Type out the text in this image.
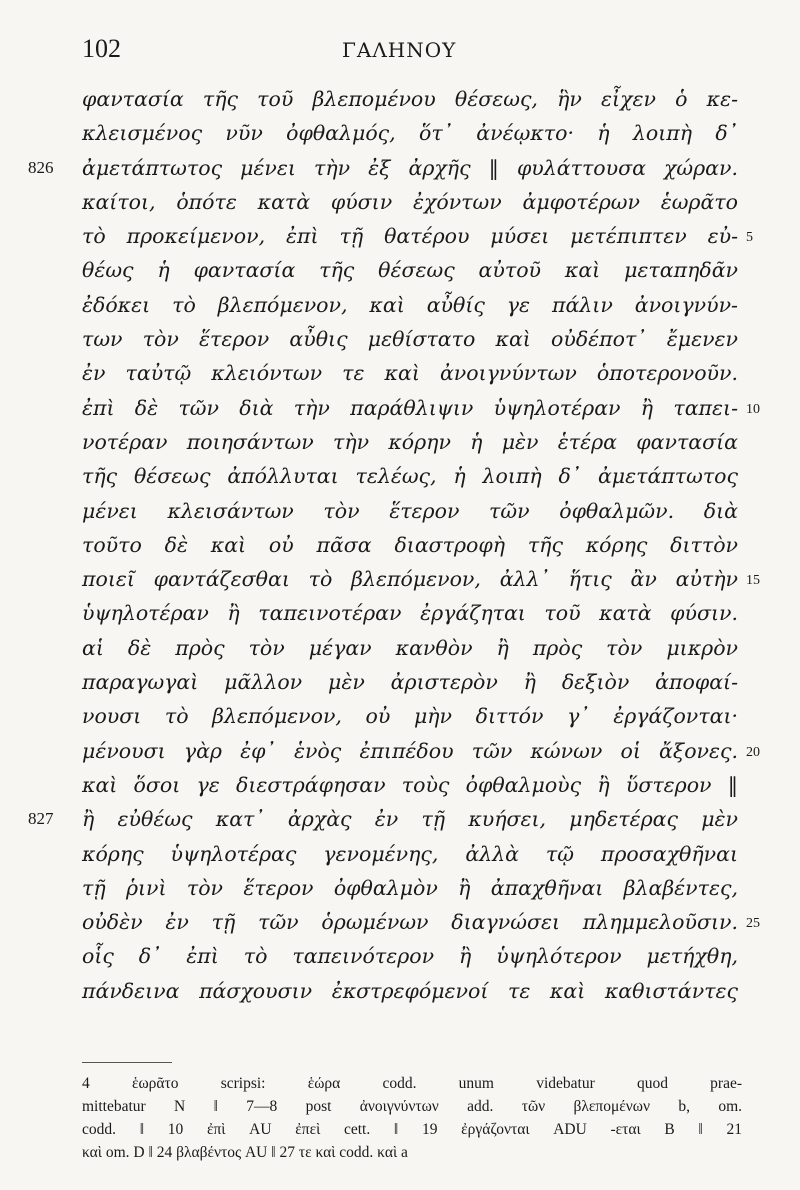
102	ΓΑΛΗΝΟΥ
φαντασία τῆς τοῦ βλεπομένου θέσεως, ἣν εἶχεν ὁ κε-
κλεισμένος νῦν ὀφθαλμός, ὅτ᾽ ἀνέῳκτο· ἡ λοιπὴ δ᾽
826 ἀμετάπτωτος μένει τὴν ἐξ ἀρχῆς ‖ φυλάττουσα χώραν.
καίτοι, ὁπότε κατὰ φύσιν ἐχόντων ἀμφοτέρων ἑωρᾶτο
τὸ προκείμενον, ἐπὶ τῇ θατέρου μύσει μετέπιπτεν εὐ- 5
θέως ἡ φαντασία τῆς θέσεως αὐτοῦ καὶ μεταπηδᾶν
ἐδόκει τὸ βλεπόμενον, καὶ αὖθίς γε πάλιν ἀνοιγνύν-
των τὸν ἕτερον αὖθις μεθίστατο καὶ οὐδέποτ᾽ ἔμενεν
ἐν ταὐτῷ κλειόντων τε καὶ ἀνοιγνύντων ὁποτερονοῦν.
ἐπὶ δὲ τῶν διὰ τὴν παράθλιψιν ὑψηλοτέραν ἢ ταπει- 10
νοτέραν ποιησάντων τὴν κόρην ἡ μὲν ἑτέρα φαντασία
τῆς θέσεως ἀπόλλυται τελέως, ἡ λοιπὴ δ᾽ ἀμετάπτωτος
μένει κλεισάντων τὸν ἕτερον τῶν ὀφθαλμῶν. διὰ
τοῦτο δὲ καὶ οὐ πᾶσα διαστροφὴ τῆς κόρης διττὸν
ποιεῖ φαντάζεσθαι τὸ βλεπόμενον, ἀλλ᾽ ἥτις ἂν αὐτὴν 15
ὑψηλοτέραν ἢ ταπεινοτέραν ἐργάζηται τοῦ κατὰ φύσιν.
αἱ δὲ πρὸς τὸν μέγαν κανθὸν ἢ πρὸς τὸν μικρὸν
παραγωγαὶ μᾶλλον μὲν ἀριστερὸν ἢ δεξιὸν ἀποφαί-
νουσι τὸ βλεπόμενον, οὐ μὴν διττόν γ᾽ ἐργάζονται·
μένουσι γὰρ ἐφ᾽ ἑνὸς ἐπιπέδου τῶν κώνων οἱ ἄξονες. 20
καὶ ὅσοι γε διεστράφησαν τοὺς ὀφθαλμοὺς ἢ ὕστερον ‖
827 ἢ εὐθέως κατ᾽ ἀρχὰς ἐν τῇ κυήσει, μηδετέρας μὲν
κόρης ὑψηλοτέρας γενομένης, ἀλλὰ τῷ προσαχθῆναι
τῇ ῥινὶ τὸν ἕτερον ὀφθαλμὸν ἢ ἀπαχθῆναι βλαβέντες,
οὐδὲν ἐν τῇ τῶν ὁρωμένων διαγνώσει πλημμελοῦσιν. 25
οἷς δ᾽ ἐπὶ τὸ ταπεινότερον ἢ ὑψηλότερον μετήχθη,
πάνδεινα πάσχουσιν ἐκστρεφόμενοί τε καὶ καθιστάντες
4 ἑωρᾶτο scripsi: ἑώρα codd. unum videbatur quod prae-
mittebatur N ‖ 7—8 post ἀνοιγνύντων add. τῶν βλεπομένων b, om.
codd. ‖ 10 ἐπὶ AU ἐπεὶ cett. ‖ 19 ἐργάζονται ADU -εται B ‖ 21
καὶ om. D ‖ 24 βλαβέντος AU ‖ 27 τε καὶ codd. καὶ a
